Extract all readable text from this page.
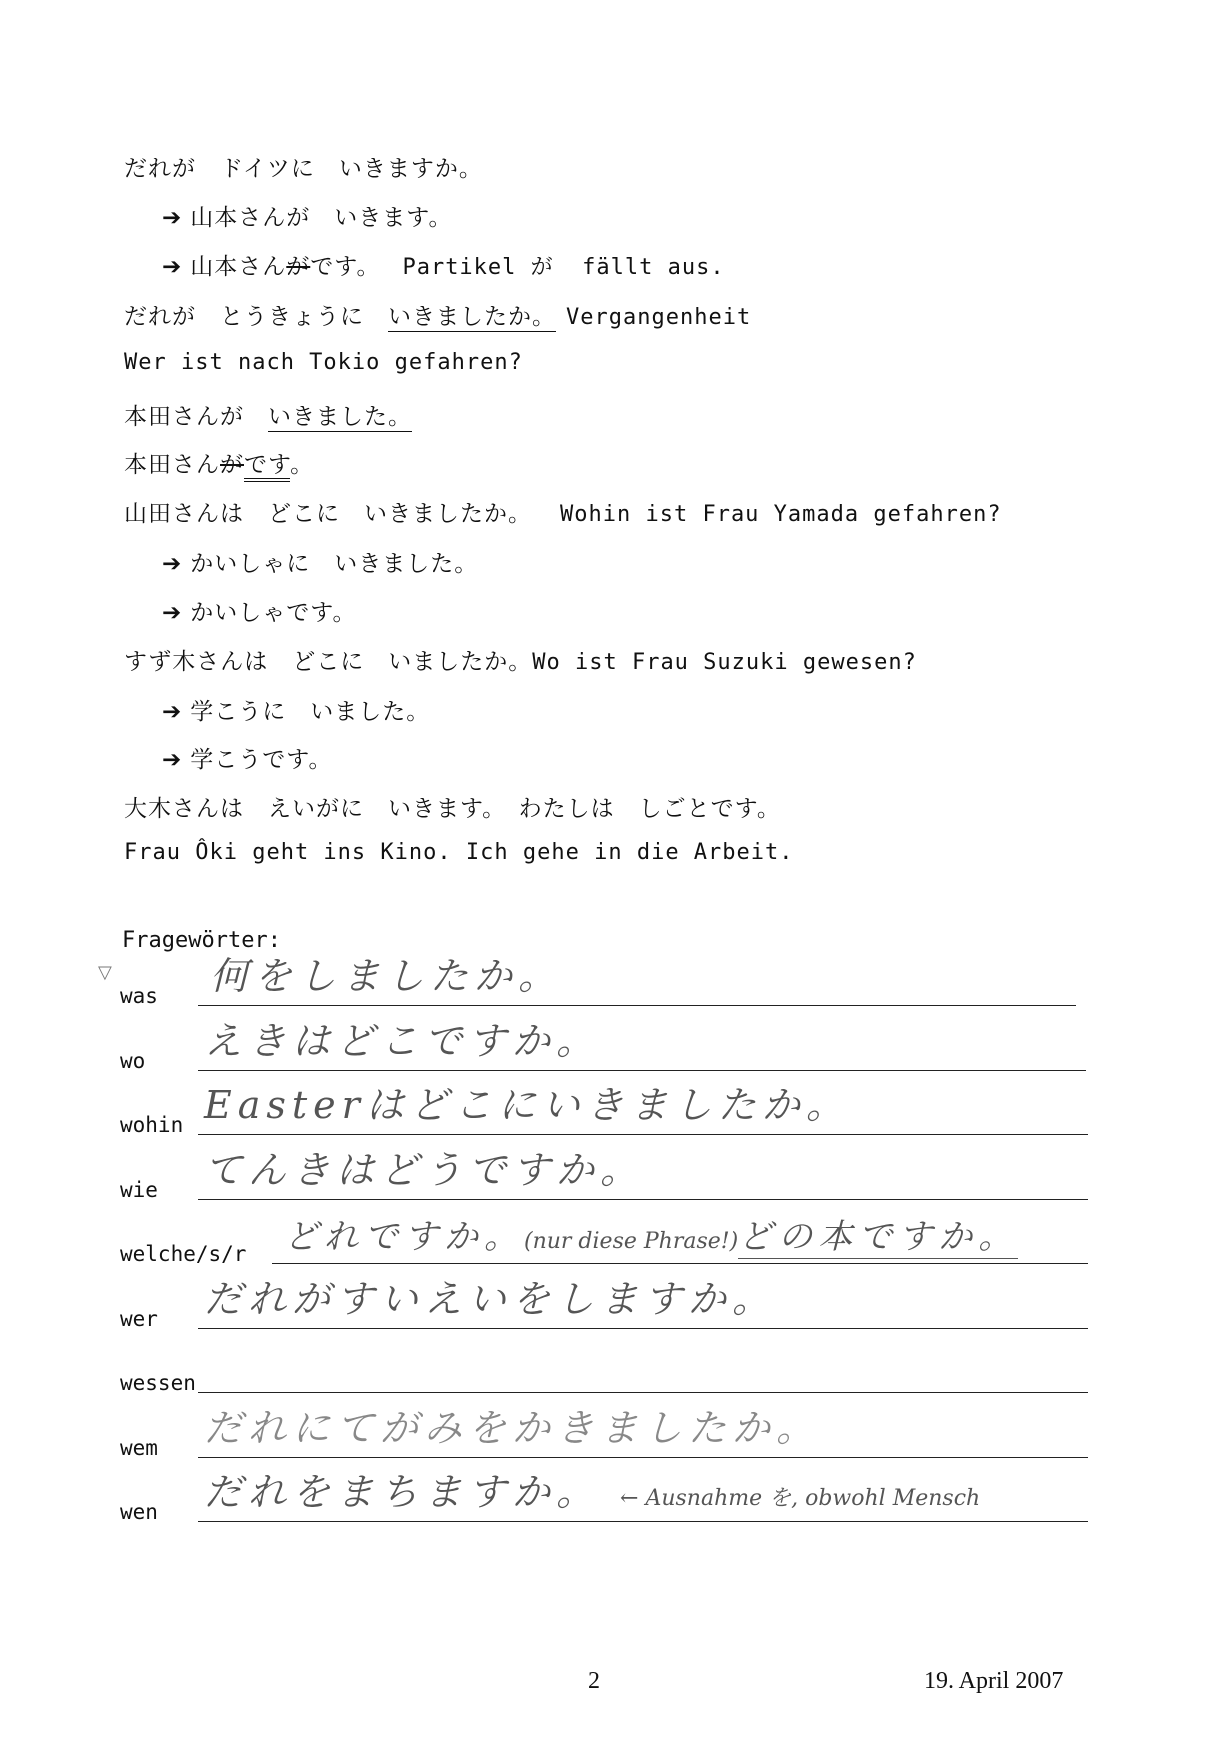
だれが　ドイツに　いきますか。
➔ 山本さんが　いきます。
➔ 山本さんがです。 Partikel が  fällt aus.
だれが　とうきょうに　いきましたか。 Vergangenheit
Wer ist nach Tokio gefahren?
本田さんが　いきました。
本田さんがです。
山田さんは　どこに　いきましたか。 Wohin ist Frau Yamada gefahren?
➔ かいしゃに　いきました。
➔ かいしゃです。
すず木さんは　どこに　いましたか。Wo ist Frau Suzuki gewesen?
➔ 学こうに　いました。
➔ 学こうです。
大木さんは　えいがに　いきます。　わたしは　しごとです。
Frau Ôki geht ins Kino. Ich gehe in die Arbeit.
Fragewörter:
▽
was 何をしましたか。
wo えきはどこですか。
wohin Easterはどこにいきましたか。
wie てんきはどうですか。
welche/s/r どれですか。(nur diese Phrase!)どの本ですか。
wer だれがすいえいをしますか。
wessen
wem だれにてがみをかきましたか。
wen だれをまちますか。 ← Ausnahme を, obwohl Mensch
2	19. April 2007
